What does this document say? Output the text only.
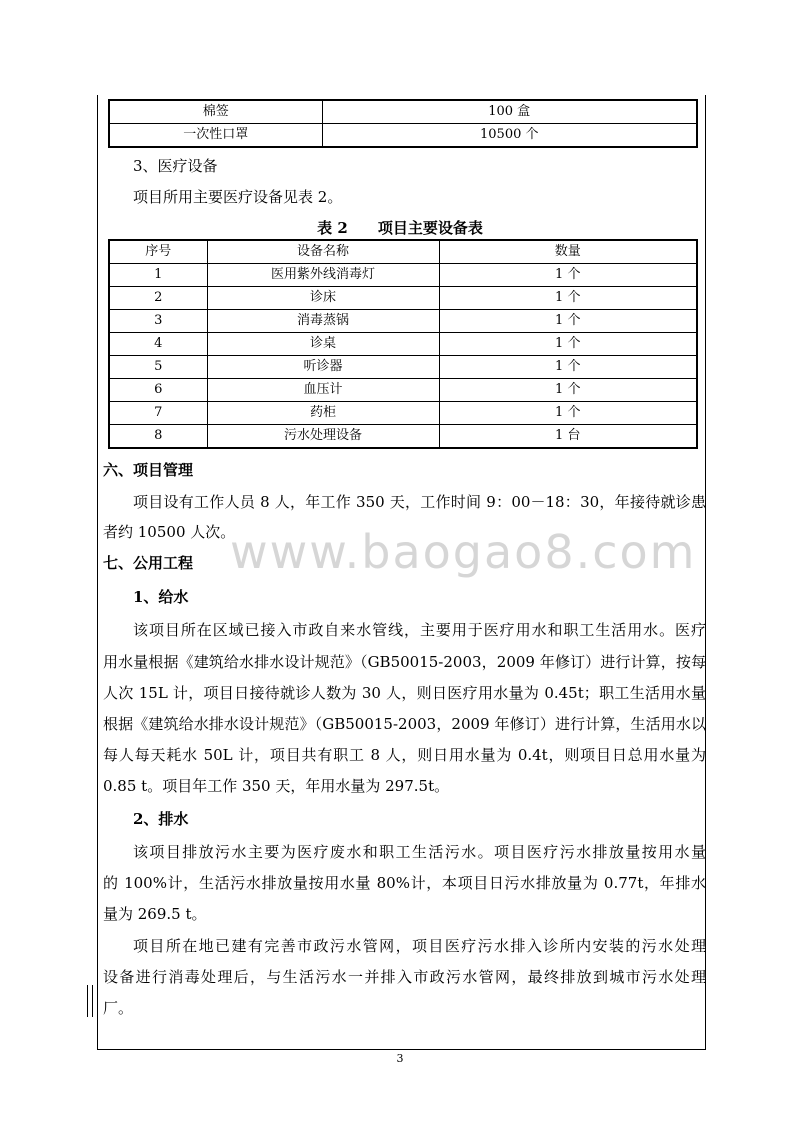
棉签	100 盒
一次性口罩	10500 个
3、医疗设备
项目所用主要医疗设备见表 2。
表 2　　项目主要设备表
序号	设备名称	数量
1	医用紫外线消毒灯	1 个
2	诊床	1 个
3	消毒蒸锅	1 个
4	诊桌	1 个
5	听诊器	1 个
6	血压计	1 个
7	药柜	1 个
8	污水处理设备	1 台
六、项目管理
项目设有工作人员 8 人，年工作 350 天，工作时间 9：00－18：30，年接待就诊患
者约 10500 人次。
www.baogao8.com
七、公用工程
1、给水
该项目所在区域已接入市政自来水管线，主要用于医疗用水和职工生活用水。医疗
用水量根据《建筑给水排水设计规范》（GB50015-2003，2009 年修订）进行计算，按每
人次 15L 计，项目日接待就诊人数为 30 人，则日医疗用水量为 0.45t；职工生活用水量
根据《建筑给水排水设计规范》（GB50015-2003，2009 年修订）进行计算，生活用水以
每人每天耗水 50L 计，项目共有职工 8 人，则日用水量为 0.4t，则项目日总用水量为
0.85 t。项目年工作 350 天，年用水量为 297.5t。
2、排水
该项目排放污水主要为医疗废水和职工生活污水。项目医疗污水排放量按用水量
的 100%计，生活污水排放量按用水量 80%计，本项目日污水排放量为 0.77t，年排水
量为 269.5 t。
项目所在地已建有完善市政污水管网，项目医疗污水排入诊所内安装的污水处理
设备进行消毒处理后，与生活污水一并排入市政污水管网，最终排放到城市污水处理
厂。
3
